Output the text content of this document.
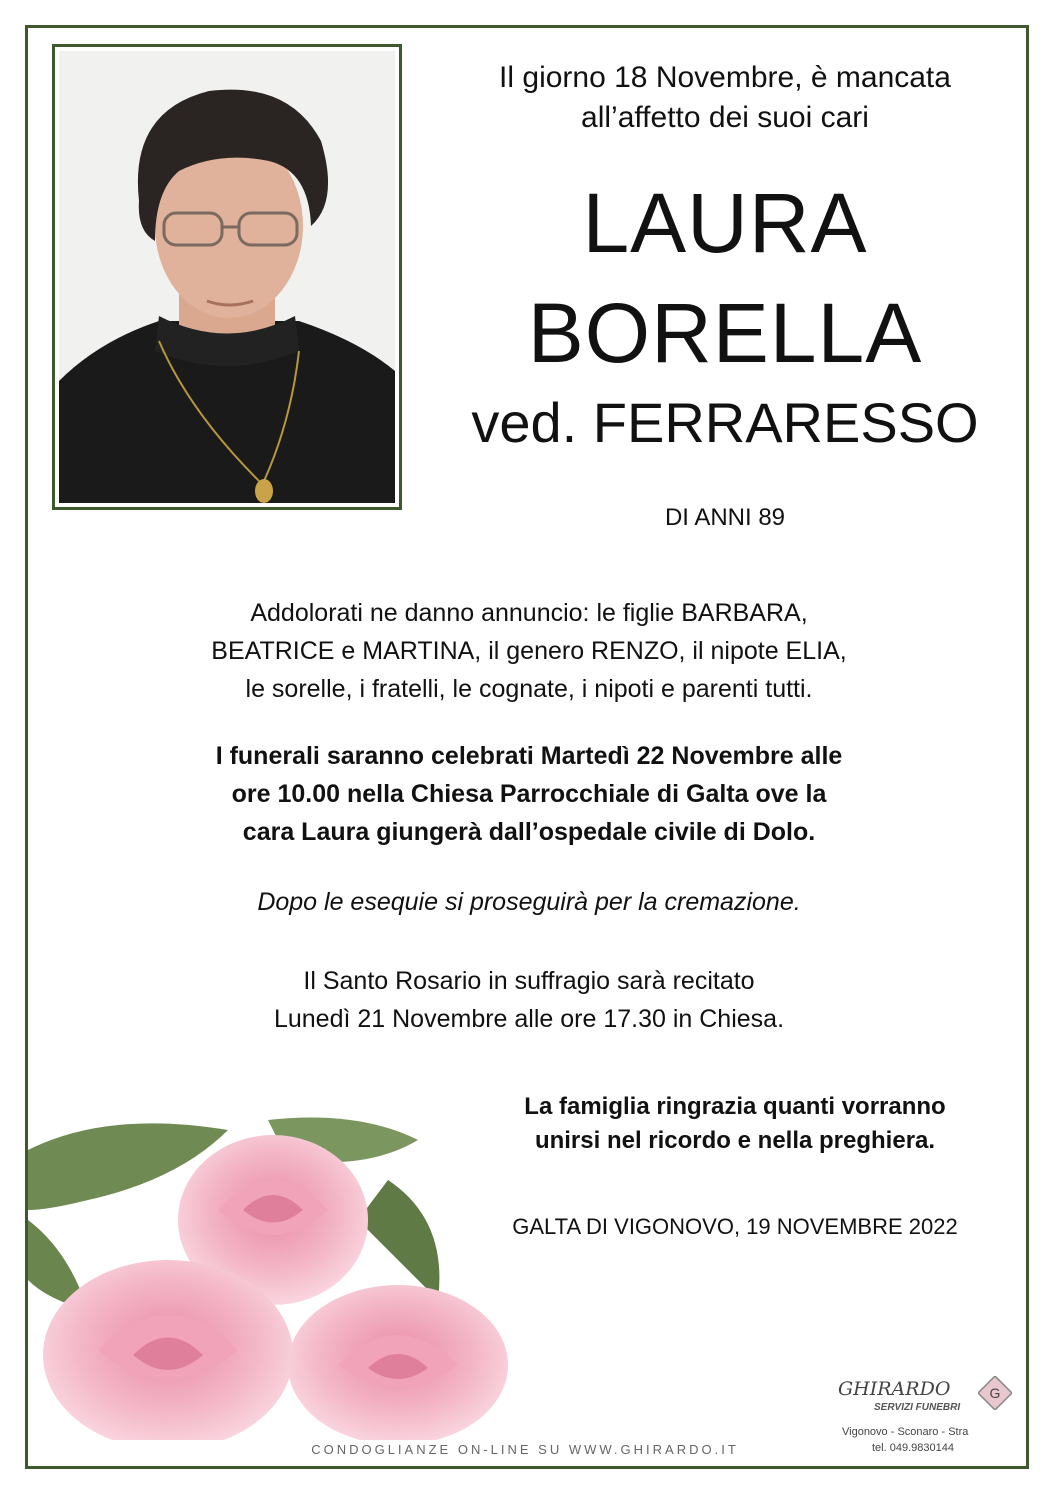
Il giorno 18 Novembre, è mancata
all’affetto dei suoi cari
LAURA
BORELLA
ved. FERRARESSO
DI ANNI 89
Addolorati ne danno annuncio: le figlie BARBARA,
BEATRICE e MARTINA, il genero RENZO, il nipote ELIA,
le sorelle, i fratelli, le cognate, i nipoti e parenti tutti.
I funerali saranno celebrati Martedì 22 Novembre alle
ore 10.00 nella Chiesa Parrocchiale di Galta ove la
cara Laura giungerà dall’ospedale civile di Dolo.
Dopo le esequie si proseguirà per la cremazione.
Il Santo Rosario in suffragio sarà recitato
Lunedì 21 Novembre alle ore 17.30 in Chiesa.
La famiglia ringrazia quanti vorranno
unirsi nel ricordo e nella preghiera.
GALTA DI VIGONOVO, 19 NOVEMBRE 2022
CONDOGLIANZE ON-LINE SU WWW.GHIRARDO.IT
GHIRARDO
SERVIZI FUNEBRI
G
Vigonovo - Sconaro - Stra
tel. 049.9830144
